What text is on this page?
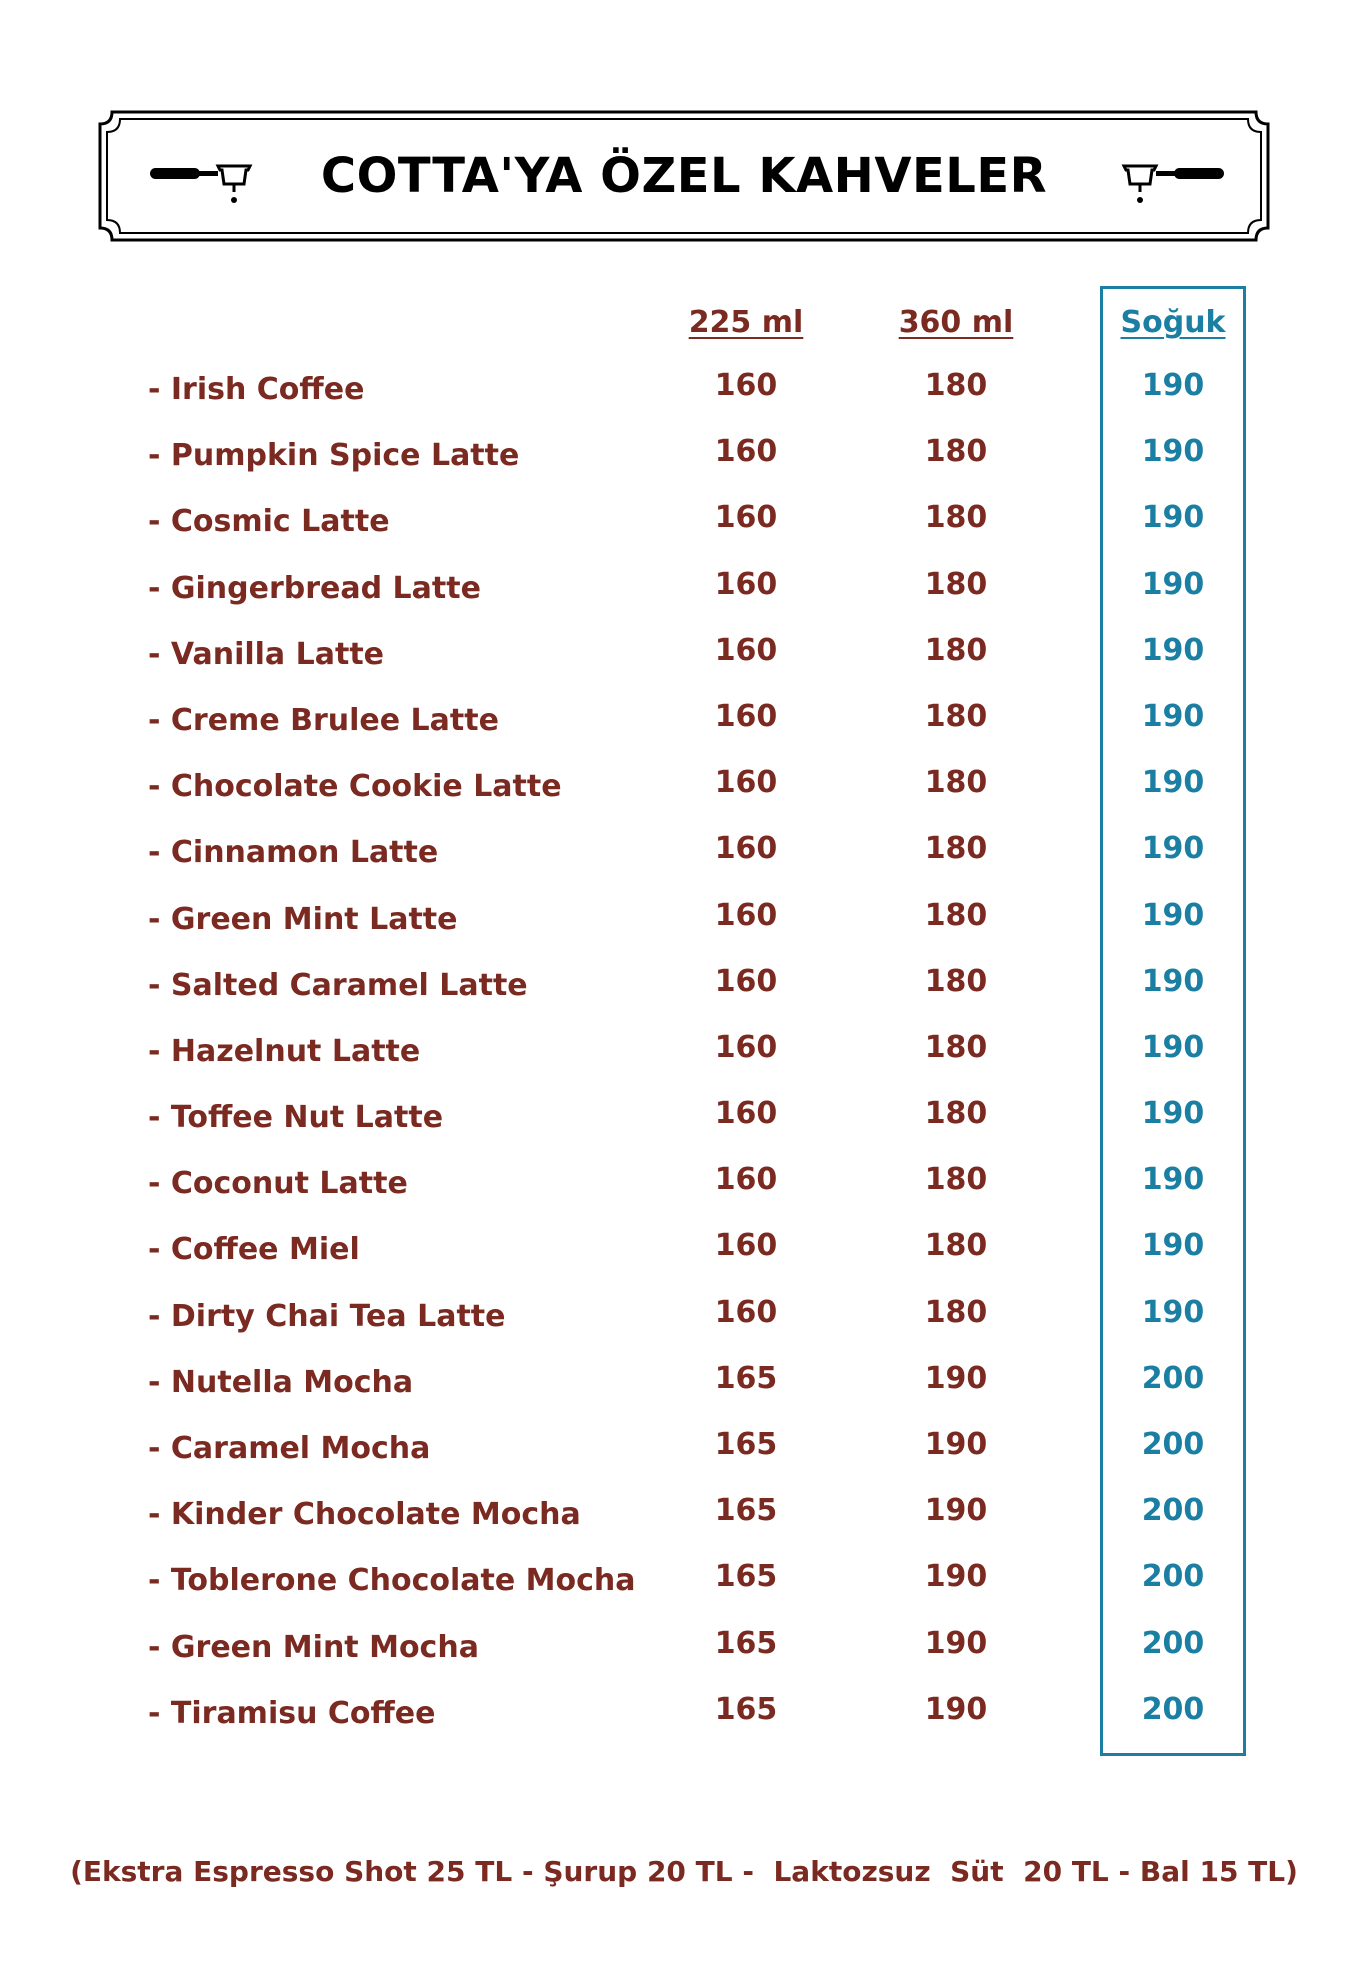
COTTA'YA ÖZEL KAHVELER
225 ml	360 ml	Soğuk
- Irish Coffee	160	180	190
- Pumpkin Spice Latte	160	180	190
- Cosmic Latte	160	180	190
- Gingerbread Latte	160	180	190
- Vanilla Latte	160	180	190
- Creme Brulee Latte	160	180	190
- Chocolate Cookie Latte	160	180	190
- Cinnamon Latte	160	180	190
- Green Mint Latte	160	180	190
- Salted Caramel Latte	160	180	190
- Hazelnut Latte	160	180	190
- Toffee Nut Latte	160	180	190
- Coconut Latte	160	180	190
- Coffee Miel	160	180	190
- Dirty Chai Tea Latte	160	180	190
- Nutella Mocha	165	190	200
- Caramel Mocha	165	190	200
- Kinder Chocolate Mocha	165	190	200
- Toblerone Chocolate Mocha	165	190	200
- Green Mint Mocha	165	190	200
- Tiramisu Coffee	165	190	200
(Ekstra Espresso Shot 25 TL - Şurup 20 TL -  Laktozsuz  Süt  20 TL - Bal 15 TL)
